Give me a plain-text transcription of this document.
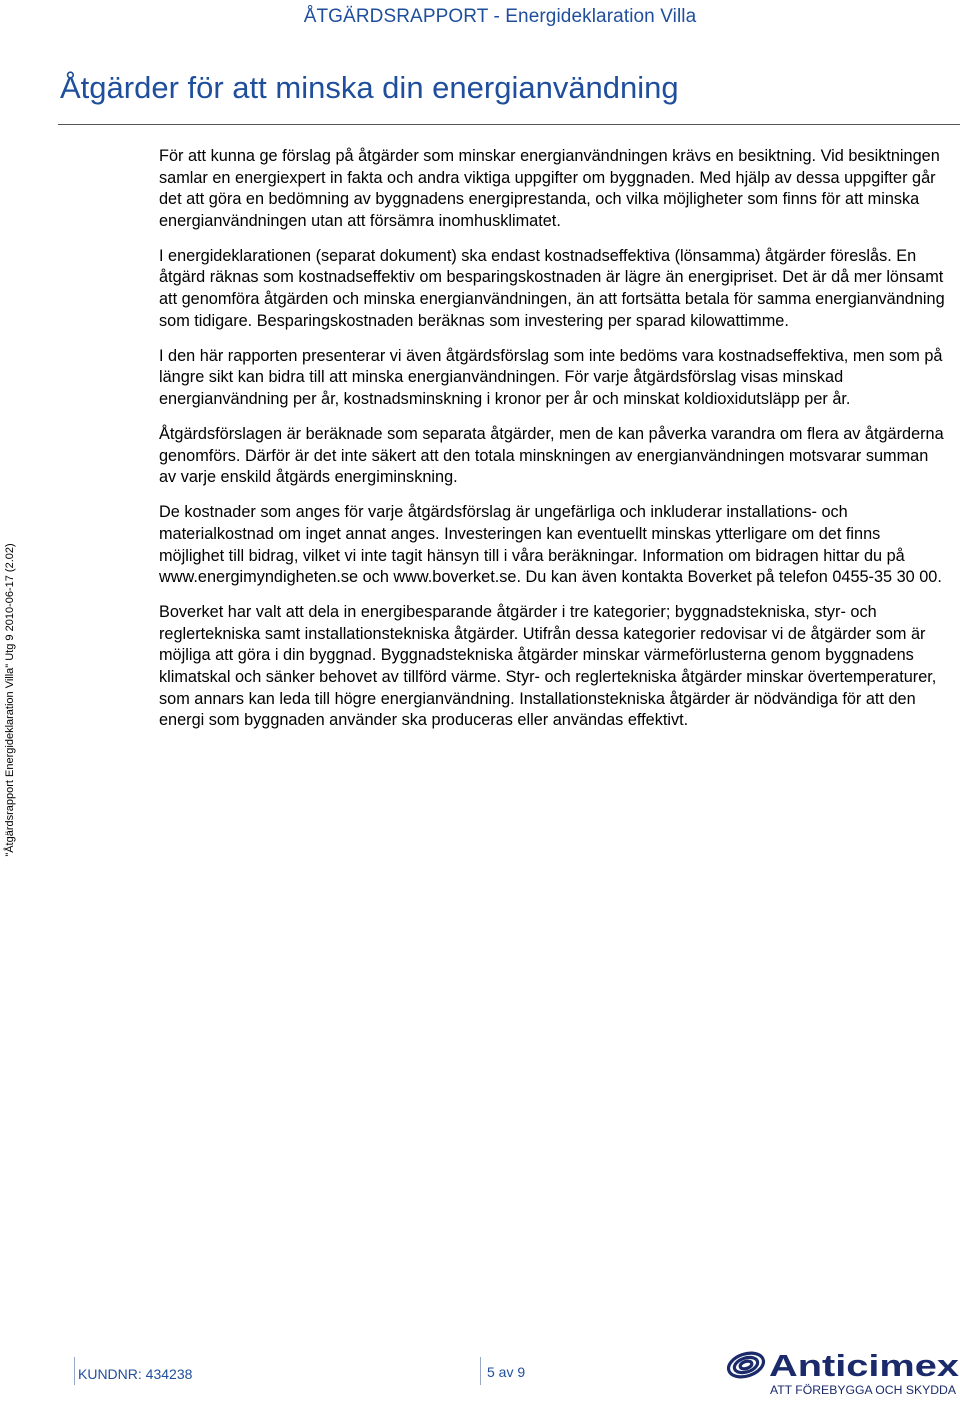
ÅTGÄRDSRAPPORT - Energideklaration Villa
Åtgärder för att minska din energianvändning

För att kunna ge förslag på åtgärder som minskar energianvändningen krävs en besiktning. Vid besiktningen samlar en energiexpert in fakta och andra viktiga uppgifter om byggnaden. Med hjälp av dessa uppgifter går det att göra en bedömning av byggnadens energiprestanda, och vilka möjligheter som finns för att minska energianvändningen utan att försämra inomhusklimatet.

I energideklarationen (separat dokument) ska endast kostnadseffektiva (lönsamma) åtgärder föreslås. En åtgärd räknas som kostnadseffektiv om besparingskostnaden är lägre än energipriset. Det är då mer lönsamt att genomföra åtgärden och minska energianvändningen, än att fortsätta betala för samma energianvändning som tidigare. Besparingskostnaden beräknas som investering per sparad kilowattimme.

I den här rapporten presenterar vi även åtgärdsförslag som inte bedöms vara kostnadseffektiva, men som på längre sikt kan bidra till att minska energianvändningen. För varje åtgärdsförslag visas minskad energianvändning per år, kostnadsminskning i kronor per år och minskat koldioxidutsläpp per år.

Åtgärdsförslagen är beräknade som separata åtgärder, men de kan påverka varandra om flera av åtgärderna genomförs. Därför är det inte säkert att den totala minskningen av energianvändningen motsvarar summan av varje enskild åtgärds energiminskning.

De kostnader som anges för varje åtgärdsförslag är ungefärliga och inkluderar installations- och materialkostnad om inget annat anges. Investeringen kan eventuellt minskas ytterligare om det finns möjlighet till bidrag, vilket vi inte tagit hänsyn till i våra beräkningar. Information om bidragen hittar du på www.energimyndigheten.se och www.boverket.se. Du kan även kontakta Boverket på telefon 0455-35 30 00.

Boverket har valt att dela in energibesparande åtgärder i tre kategorier; byggnadstekniska, styr- och reglertekniska samt installationstekniska åtgärder. Utifrån dessa kategorier redovisar vi de åtgärder som är möjliga att göra i din byggnad. Byggnadstekniska åtgärder minskar värmeförlusterna genom byggnadens klimatskal och sänker behovet av tillförd värme. Styr- och reglertekniska åtgärder minskar övertemperaturer, som annars kan leda till högre energianvändning. Installationstekniska åtgärder är nödvändiga för att den energi som byggnaden använder ska produceras eller användas effektivt.

"Åtgärdsrapport Energideklaration Villa" Utg 9 2010-06-17 (2.02)
KUNDNR: 434238	5 av 9	Anticimex
ATT FÖREBYGGA OCH SKYDDA
